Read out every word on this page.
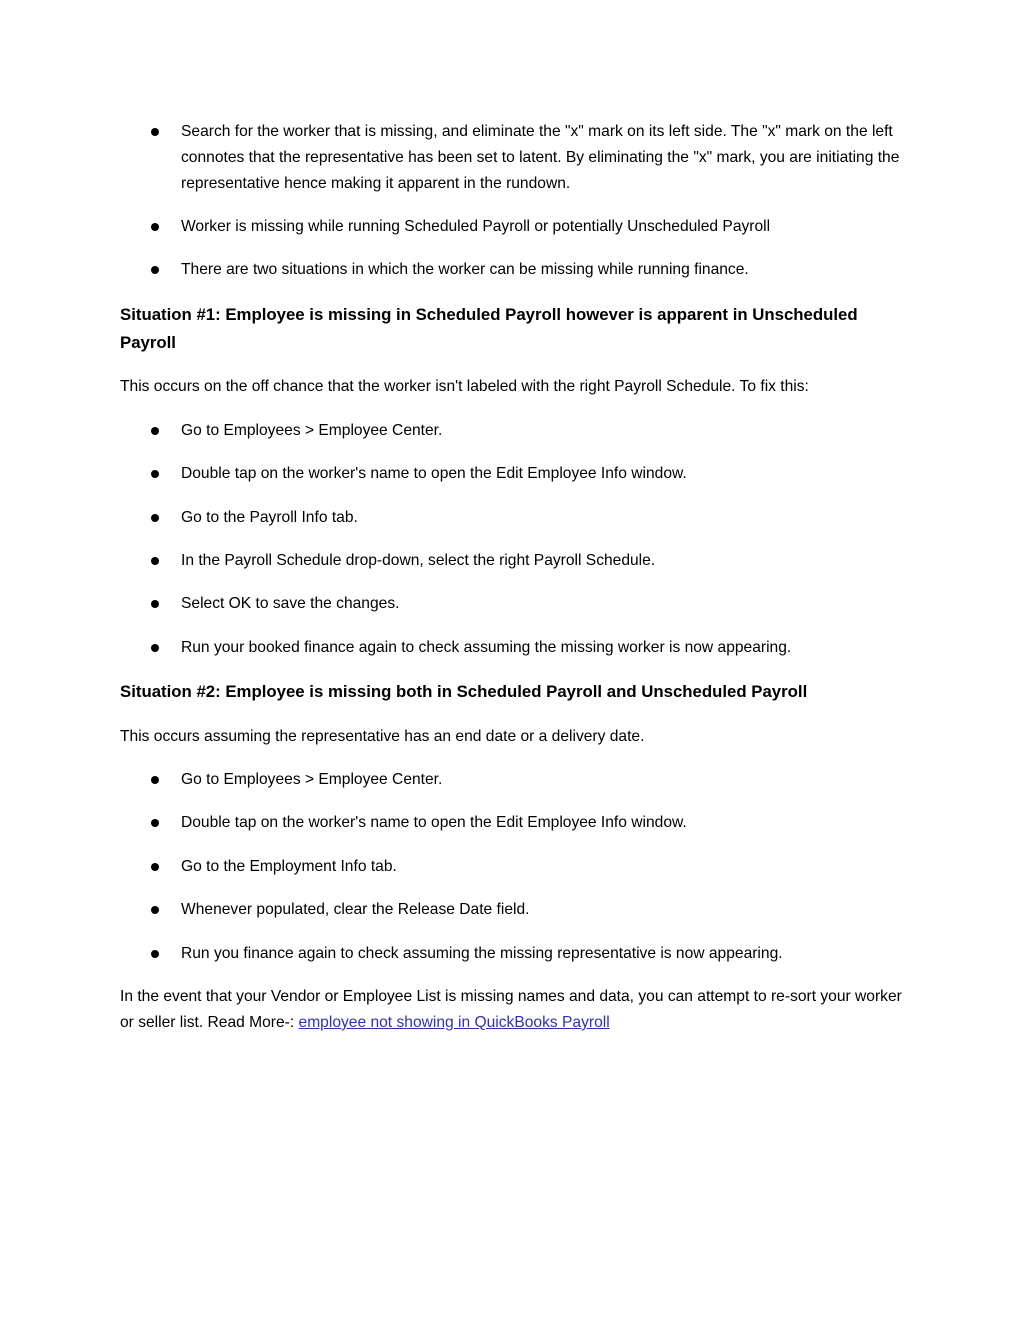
Search for the worker that is missing, and eliminate the "x" mark on its left side. The "x" mark on the left connotes that the representative has been set to latent. By eliminating the "x" mark, you are initiating the representative hence making it apparent in the rundown.
Worker is missing while running Scheduled Payroll or potentially Unscheduled Payroll
There are two situations in which the worker can be missing while running finance.
Situation #1: Employee is missing in Scheduled Payroll however is apparent in Unscheduled Payroll

This occurs on the off chance that the worker isn't labeled with the right Payroll Schedule. To fix this:

Go to Employees > Employee Center.
Double tap on the worker's name to open the Edit Employee Info window.
Go to the Payroll Info tab.
In the Payroll Schedule drop-down, select the right Payroll Schedule.
Select OK to save the changes.
Run your booked finance again to check assuming the missing worker is now appearing.
Situation #2: Employee is missing both in Scheduled Payroll and Unscheduled Payroll

This occurs assuming the representative has an end date or a delivery date.

Go to Employees > Employee Center.
Double tap on the worker's name to open the Edit Employee Info window.
Go to the Employment Info tab.
Whenever populated, clear the Release Date field.
Run you finance again to check assuming the missing representative is now appearing.

In the event that your Vendor or Employee List is missing names and data, you can attempt to re-sort your worker or seller list. Read More-: employee not showing in QuickBooks Payroll
